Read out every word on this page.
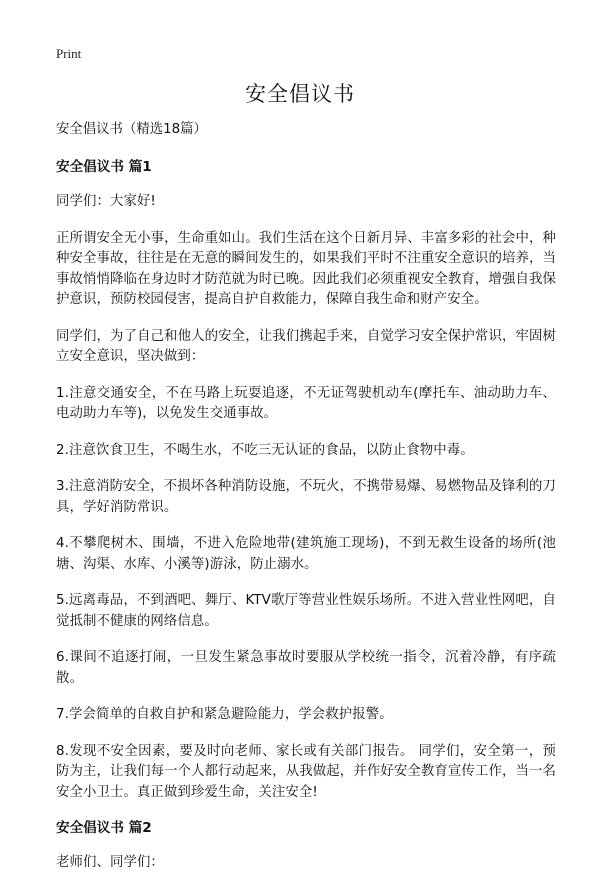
Print
安全倡议书

安全倡议书（精选18篇）

安全倡议书 篇1

同学们：大家好!

正所谓安全无小事，生命重如山。我们生活在这个日新月异、丰富多彩的社会中，种种安全事故，往往是在无意的瞬间发生的，如果我们平时不注重安全意识的培养，当事故悄悄降临在身边时才防范就为时已晚。因此我们必须重视安全教育，增强自我保护意识，预防校园侵害，提高自护自救能力，保障自我生命和财产安全。

同学们，为了自己和他人的安全，让我们携起手来，自觉学习安全保护常识，牢固树立安全意识，坚决做到：

1.注意交通安全，不在马路上玩耍追逐，不无证驾驶机动车(摩托车、油动助力车、电动助力车等)，以免发生交通事故。

2.注意饮食卫生，不喝生水，不吃三无认证的食品，以防止食物中毒。

3.注意消防安全，不损坏各种消防设施，不玩火，不携带易爆、易燃物品及锋利的刀具，学好消防常识。

4.不攀爬树木、围墙，不进入危险地带(建筑施工现场)，不到无救生设备的场所(池塘、沟渠、水库、小溪等)游泳，防止溺水。

5.远离毒品，不到酒吧、舞厅、KTV歌厅等营业性娱乐场所。不进入营业性网吧，自觉抵制不健康的网络信息。

6.课间不追逐打闹，一旦发生紧急事故时要服从学校统一指令，沉着冷静，有序疏散。

7.学会简单的自救自护和紧急避险能力，学会救护报警。

8.发现不安全因素，要及时向老师、家长或有关部门报告。 同学们，安全第一，预防为主，让我们每一个人都行动起来，从我做起，并作好安全教育宣传工作，当一名安全小卫士。真正做到珍爱生命，关注安全!

安全倡议书 篇2

老师们、同学们：
